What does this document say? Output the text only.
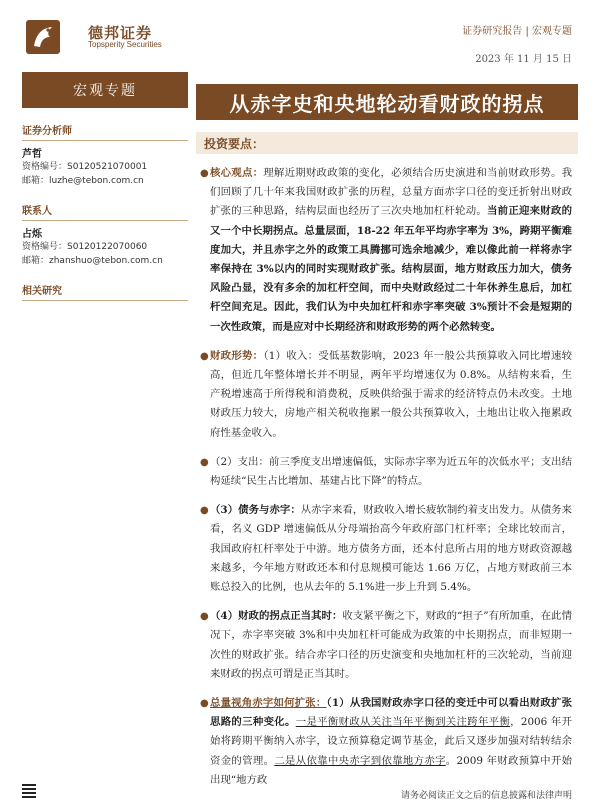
德邦证券
Topsperity Securities
证券研究报告 | 宏观专题
2023 年 11 月 15 日
宏观专题
证券分析师
芦哲
资格编号：S0120521070001
邮箱：luzhe@tebon.com.cn
联系人
占烁
资格编号：S0120122070060
邮箱：zhanshuo@tebon.com.cn
相关研究
从赤字史和央地轮动看财政的拐点
投资要点：

● 核心观点：理解近期财政政策的变化，必须结合历史演进和当前财政形势。我们回顾了几十年来我国财政扩张的历程，总量方面赤字口径的变迁折射出财政扩张的三种思路，结构层面也经历了三次央地加杠杆轮动。当前正迎来财政的又一个中长期拐点。总量层面，18-22 年五年平均赤字率为 3%，跨期平衡难度加大，并且赤字之外的政策工具腾挪可选余地减少，难以像此前一样将赤字率保持在 3%以内的同时实现财政扩张。结构层面，地方财政压力加大，债务风险凸显，没有多余的加杠杆空间，而中央财政经过二十年休养生息后，加杠杆空间充足。因此，我们认为中央加杠杆和赤字率突破 3%预计不会是短期的一次性政策，而是应对中长期经济和财政形势的两个必然转变。

● 财政形势：（1）收入：受低基数影响，2023 年一般公共预算收入同比增速较高，但近几年整体增长并不明显，两年平均增速仅为 0.8%。从结构来看，生产税增速高于所得税和消费税，反映供给强于需求的经济特点仍未改变。土地财政压力较大，房地产相关税收拖累一般公共预算收入，土地出让收入拖累政府性基金收入。

● （2）支出：前三季度支出增速偏低，实际赤字率为近五年的次低水平；支出结构延续“民生占比增加、基建占比下降”的特点。

● （3）债务与赤字：从赤字来看，财政收入增长疲软制约着支出发力。从债务来看，名义 GDP 增速偏低从分母端抬高今年政府部门杠杆率；全球比较而言，我国政府杠杆率处于中游。地方债务方面，还本付息所占用的地方财政资源越来越多，今年地方财政还本和付息规模可能达 1.66 万亿，占地方财政前三本账总投入的比例，也从去年的 5.1%进一步上升到 5.4%。

● （4）财政的拐点正当其时：收支紧平衡之下，财政的“担子”有所加重，在此情况下，赤字率突破 3%和中央加杠杆可能成为政策的中长期拐点，而非短期一次性的财政扩张。结合赤字口径的历史演变和央地加杠杆的三次轮动，当前迎来财政的拐点可谓是正当其时。

● 总量视角赤字如何扩张：（1）从我国财政赤字口径的变迁中可以看出财政扩张思路的三种变化。一是平衡财政从关注当年平衡到关注跨年平衡，2006 年开始将跨期平衡纳入赤字，设立预算稳定调节基金，此后又逐步加强对结转结余资金的管理。二是从依靠中央赤字到依靠地方赤字。2009 年财政预算中开始出现“地方政

请务必阅读正文之后的信息披露和法律声明
